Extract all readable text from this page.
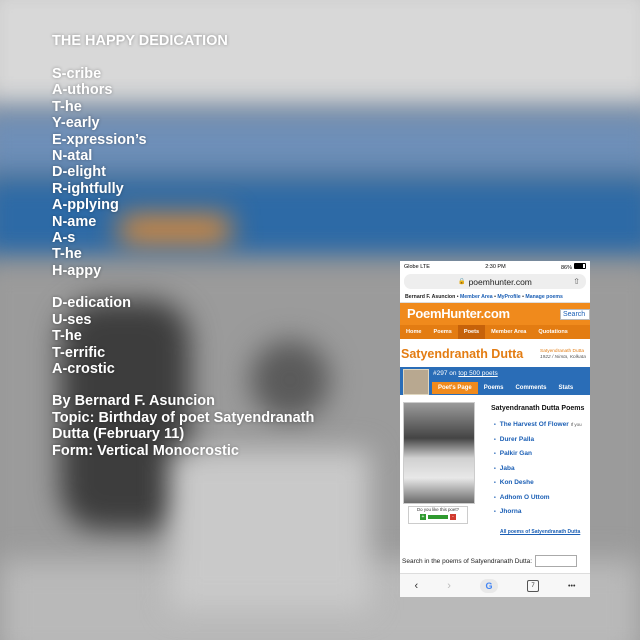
THE HAPPY DEDICATION
S-cribe
A-uthors
T-he
Y-early
E-xpression’s
N-atal
D-elight
R-ightfully
A-pplying
N-ame
A-s
T-he
H-appy
D-edication
U-ses
T-he
T-errific
A-crostic
By Bernard F. Asuncion
Topic: Birthday of poet Satyendranath Dutta (February 11)
Form: Vertical Monocrostic
Globe LTE	2:30 PM	86%
🔒 poemhunter.com	⇧
Bernard F. Asuncion • Member Area • MyProfile • Manage poems
PoemHunter.com	Search
Home	Poems	Poets	Member Area	Quotations
Satyendranath Dutta	Satyendranath Dutta
1922 / Nimta, Kolkata
#297 on top 500 poets
Poet's Page	Poems	Comments	Stats
Do you like this poet?
+	-
Satyendranath Dutta Poems
• The Harvest Of Flower If you
• Durer Palla
• Palkir Gan
• Jaba
• Kon Deshe
• Adhom O Uttom
• Jhorna
All poems of Satyendranath Dutta
Search in the poems of Satyendranath Dutta:
‹	›	G	7	•••
